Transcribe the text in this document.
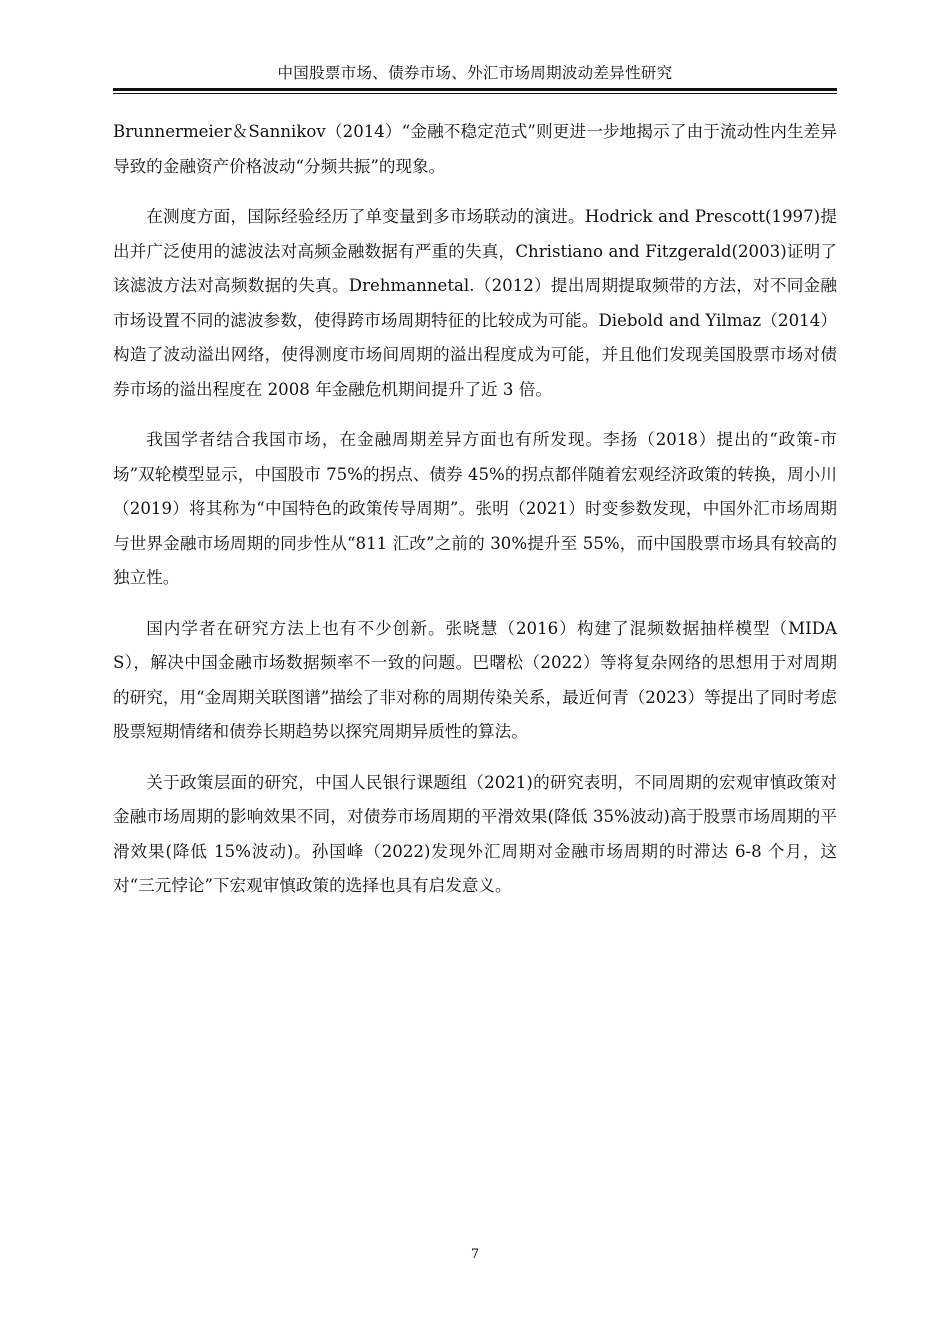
中国股票市场、债券市场、外汇市场周期波动差异性研究

Brunnermeier＆Sannikov（2014）“金融不稳定范式”则更进一步地揭示了由于流动性内生差异导致的金融资产价格波动“分频共振”的现象。

在测度方面，国际经验经历了单变量到多市场联动的演进。Hodrick and Prescott(1997)提出并广泛使用的滤波法对高频金融数据有严重的失真，Christiano and Fitzgerald(2003)证明了该滤波方法对高频数据的失真。Drehmannetal.（2012）提出周期提取频带的方法，对不同金融市场设置不同的滤波参数，使得跨市场周期特征的比较成为可能。Diebold and Yilmaz（2014）构造了波动溢出网络，使得测度市场间周期的溢出程度成为可能，并且他们发现美国股票市场对债券市场的溢出程度在 2008 年金融危机期间提升了近 3 倍。

我国学者结合我国市场，在金融周期差异方面也有所发现。李扬（2018）提出的“政策-市场”双轮模型显示，中国股市 75%的拐点、债券 45%的拐点都伴随着宏观经济政策的转换，周小川（2019）将其称为“中国特色的政策传导周期”。张明（2021）时变参数发现，中国外汇市场周期与世界金融市场周期的同步性从“811 汇改”之前的 30%提升至 55%，而中国股票市场具有较高的独立性。

国内学者在研究方法上也有不少创新。张晓慧（2016）构建了混频数据抽样模型（MIDAS），解决中国金融市场数据频率不一致的问题。巴曙松（2022）等将复杂网络的思想用于对周期的研究，用“金周期关联图谱”描绘了非对称的周期传染关系，最近何青（2023）等提出了同时考虑股票短期情绪和债券长期趋势以探究周期异质性的算法。

关于政策层面的研究，中国人民银行课题组（2021)的研究表明，不同周期的宏观审慎政策对金融市场周期的影响效果不同，对债券市场周期的平滑效果(降低 35%波动)高于股票市场周期的平滑效果(降低 15%波动)。孙国峰（2022)发现外汇周期对金融市场周期的时滞达 6-8 个月，这对“三元悖论”下宏观审慎政策的选择也具有启发意义。

7
